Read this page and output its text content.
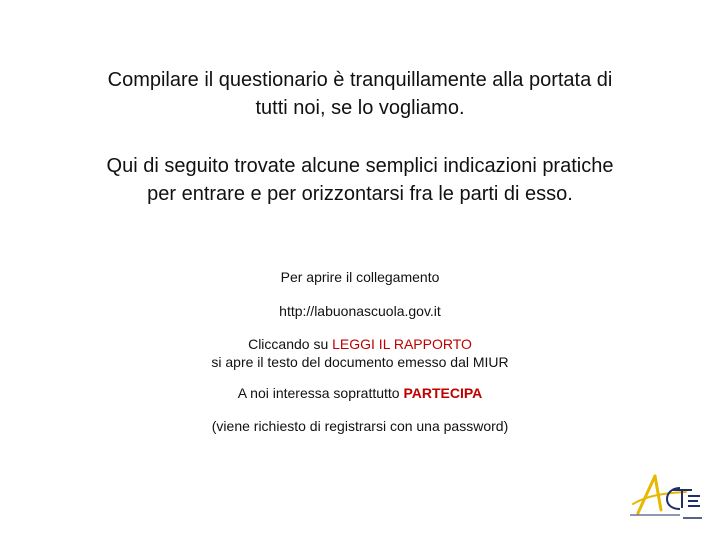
Compilare il questionario è tranquillamente alla portata di
tutti noi, se lo vogliamo.
Qui di seguito trovate alcune semplici indicazioni pratiche
per entrare e per orizzontarsi fra le parti di esso.
Per aprire il collegamento
http://labuonascuola.gov.it
Cliccando su LEGGI IL RAPPORTO
si apre il testo del documento emesso dal MIUR
A noi interessa soprattutto PARTECIPA
(viene richiesto di registrarsi con una password)
